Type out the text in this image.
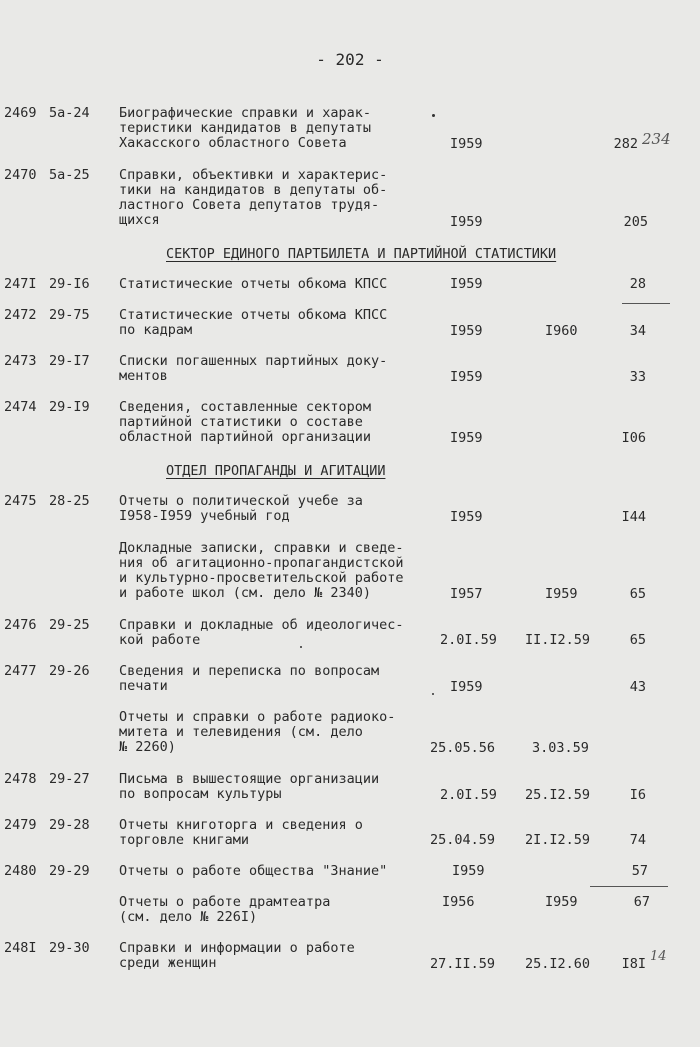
- 202 -
2469 5а-24 Биографические справки и харак-
теристики кандидатов в депутаты
Хакасского областного Совета	I959	282 234
2470 5а-25 Справки, объективки и характерис-
тики на кандидатов в депутаты об-
ластного Совета депутатов трудя-
щихся	I959	205
СЕКТОР ЕДИНОГО ПАРТБИЛЕТА И ПАРТИЙНОЙ СТАТИСТИКИ
247I 29-I6 Статистические отчеты обкома КПСС	I959	28
2472 29-75 Статистические отчеты обкома КПСС
по кадрам	I959	I960	34
2473 29-I7 Списки погашенных партийных доку-
ментов	I959	33
2474 29-I9 Сведения, составленные сектором
партийной статистики о составе
областной партийной организации	I959	I06
ОТДЕЛ ПРОПАГАНДЫ И АГИТАЦИИ
2475 28-25 Отчеты о политической учебе за
I958-I959 учебный год	I959	I44
Докладные записки, справки и сведе-
ния об агитационно-пропагандистской
и культурно-просветительской работе
и работе школ (см. дело № 2340)	I957	I959	65
2476 29-25 Справки и докладные об идеологичес-
кой работе	2.0I.59 II.I2.59	65
2477 29-26 Сведения и переписка по вопросам
печати	I959	43
Отчеты и справки о работе радиоко-
митета и телевидения (см. дело
№ 2260)	25.05.56	3.03.59
2478 29-27 Письма в вышестоящие организации
по вопросам культуры	2.0I.59 25.I2.59	I6
2479 29-28 Отчеты книготорга и сведения о
торговле книгами	25.04.59 2I.I2.59	74
2480 29-29 Отчеты о работе общества "Знание"	I959	57
Отчеты о работе драмтеатра
(см. дело № 226I)
I956	I959	67
248I 29-30 Справки и информации о работе
среди женщин	27.II.59 25.I2.60 I8I 14
